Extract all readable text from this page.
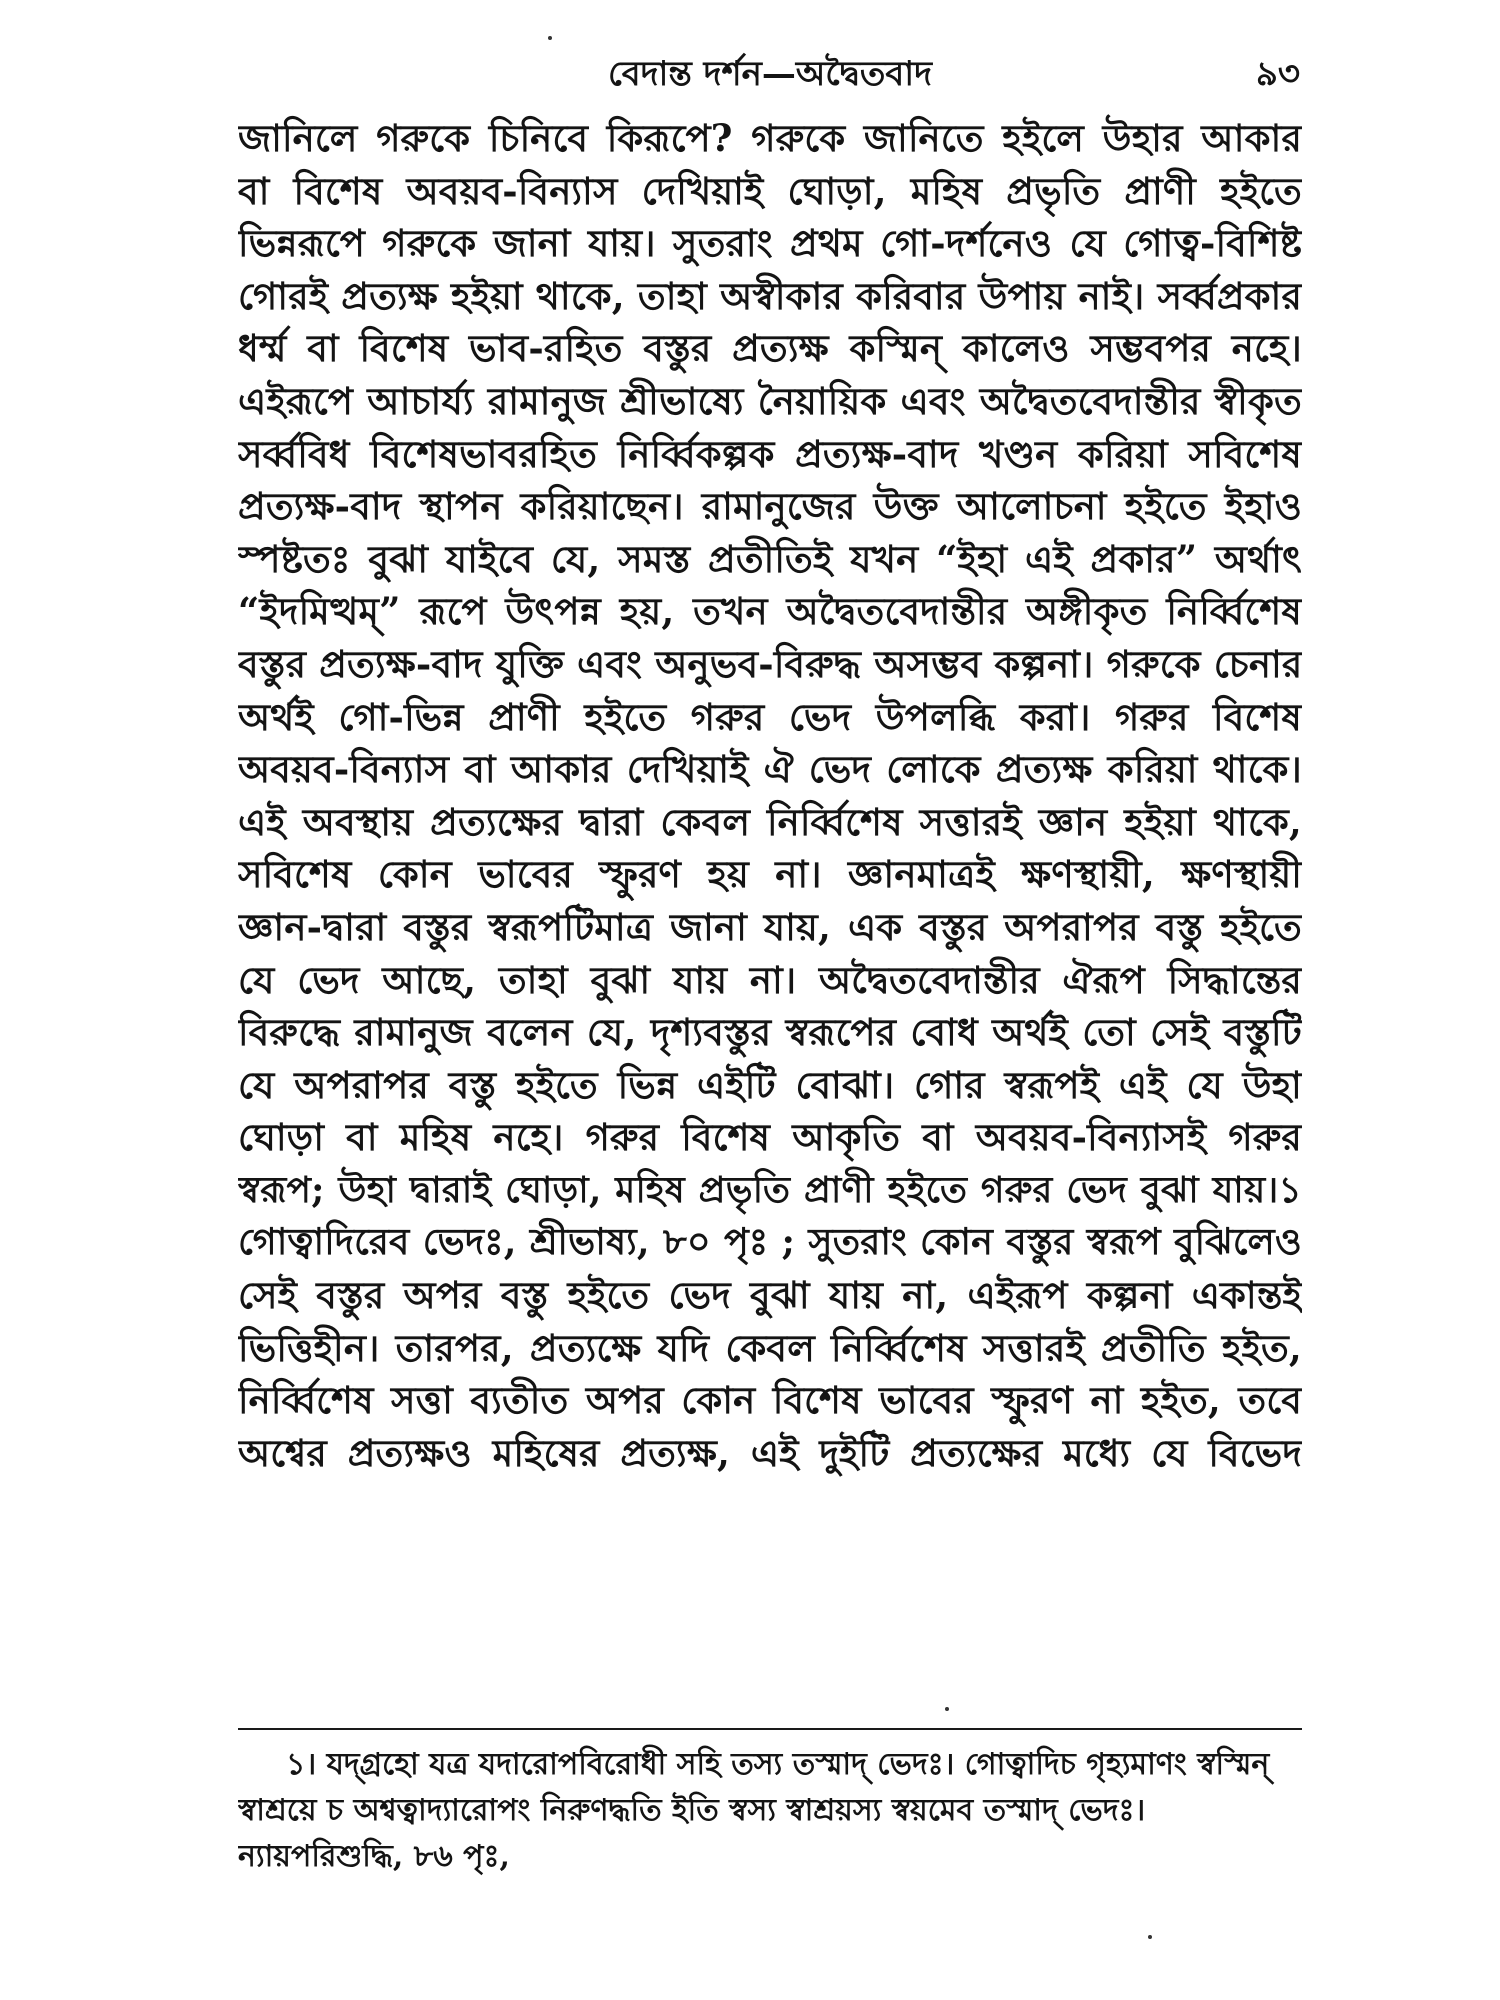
বেদান্ত দর্শন—অদ্বৈতবাদ	৯৩
জানিলে গরুকে চিনিবে কিরূপে? গরুকে জানিতে হইলে উহার আকার
বা বিশেষ অবয়ব-বিন্যাস দেখিয়াই ঘোড়া, মহিষ প্রভৃতি প্রাণী হইতে
ভিন্নরূপে গরুকে জানা যায়। সুতরাং প্রথম গো-দর্শনেও যে গোত্ব-বিশিষ্ট
গোরই প্রত্যক্ষ হইয়া থাকে, তাহা অস্বীকার করিবার উপায় নাই। সর্ব্বপ্রকার
ধর্ম্ম বা বিশেষ ভাব-রহিত বস্তুর প্রত্যক্ষ কস্মিন্ কালেও সম্ভবপর নহে।
এইরূপে আচার্য্য রামানুজ শ্রীভাষ্যে নৈয়ায়িক এবং অদ্বৈতবেদান্তীর স্বীকৃত
সর্ব্ববিধ বিশেষভাবরহিত নির্ব্বিকল্পক প্রত্যক্ষ-বাদ খণ্ডন করিয়া সবিশেষ
প্রত্যক্ষ-বাদ স্থাপন করিয়াছেন। রামানুজের উক্ত আলোচনা হইতে ইহাও
স্পষ্টতঃ বুঝা যাইবে যে, সমস্ত প্রতীতিই যখন “ইহা এই প্রকার” অর্থাৎ
“ইদমিত্থম্” রূপে উৎপন্ন হয়, তখন অদ্বৈতবেদান্তীর অঙ্গীকৃত নির্ব্বিশেষ
বস্তুর প্রত্যক্ষ-বাদ যুক্তি এবং অনুভব-বিরুদ্ধ অসম্ভব কল্পনা। গরুকে চেনার
অর্থই গো-ভিন্ন প্রাণী হইতে গরুর ভেদ উপলব্ধি করা। গরুর বিশেষ
অবয়ব-বিন্যাস বা আকার দেখিয়াই ঐ ভেদ লোকে প্রত্যক্ষ করিয়া থাকে।
এই অবস্থায় প্রত্যক্ষের দ্বারা কেবল নির্ব্বিশেষ সত্তারই জ্ঞান হইয়া থাকে,
সবিশেষ কোন ভাবের স্ফুরণ হয় না। জ্ঞানমাত্রই ক্ষণস্থায়ী, ক্ষণস্থায়ী
জ্ঞান-দ্বারা বস্তুর স্বরূপটিমাত্র জানা যায়, এক বস্তুর অপরাপর বস্তু হইতে
যে ভেদ আছে, তাহা বুঝা যায় না। অদ্বৈতবেদান্তীর ঐরূপ সিদ্ধান্তের
বিরুদ্ধে রামানুজ বলেন যে, দৃশ্যবস্তুর স্বরূপের বোধ অর্থই তো সেই বস্তুটি
যে অপরাপর বস্তু হইতে ভিন্ন এইটি বোঝা। গোর স্বরূপই এই যে উহা
ঘোড়া বা মহিষ নহে। গরুর বিশেষ আকৃতি বা অবয়ব-বিন্যাসই গরুর
স্বরূপ; উহা দ্বারাই ঘোড়া, মহিষ প্রভৃতি প্রাণী হইতে গরুর ভেদ বুঝা যায়।১
গোত্বাদিরেব ভেদঃ, শ্রীভাষ্য, ৮০ পৃঃ ; সুতরাং কোন বস্তুর স্বরূপ বুঝিলেও
সেই বস্তুর অপর বস্তু হইতে ভেদ বুঝা যায় না, এইরূপ কল্পনা একান্তই
ভিত্তিহীন। তারপর, প্রত্যক্ষে যদি কেবল নির্ব্বিশেষ সত্তারই প্রতীতি হইত,
নির্ব্বিশেষ সত্তা ব্যতীত অপর কোন বিশেষ ভাবের স্ফুরণ না হইত, তবে
অশ্বের প্রত্যক্ষও মহিষের প্রত্যক্ষ, এই দুইটি প্রত্যক্ষের মধ্যে যে বিভেদ
১। যদ্‌গ্রহো যত্র যদারোপবিরোধী সহি তস্য তস্মাদ্ ভেদঃ। গোত্বাদিচ গৃহ্যমাণং স্বস্মিন্
স্বাশ্রয়ে চ অশ্বত্বাদ্যারোপং নিরুণদ্ধতি ইতি স্বস্য স্বাশ্রয়স্য স্বয়মেব তস্মাদ্ ভেদঃ।
ন্যায়পরিশুদ্ধি, ৮৬ পৃঃ,
